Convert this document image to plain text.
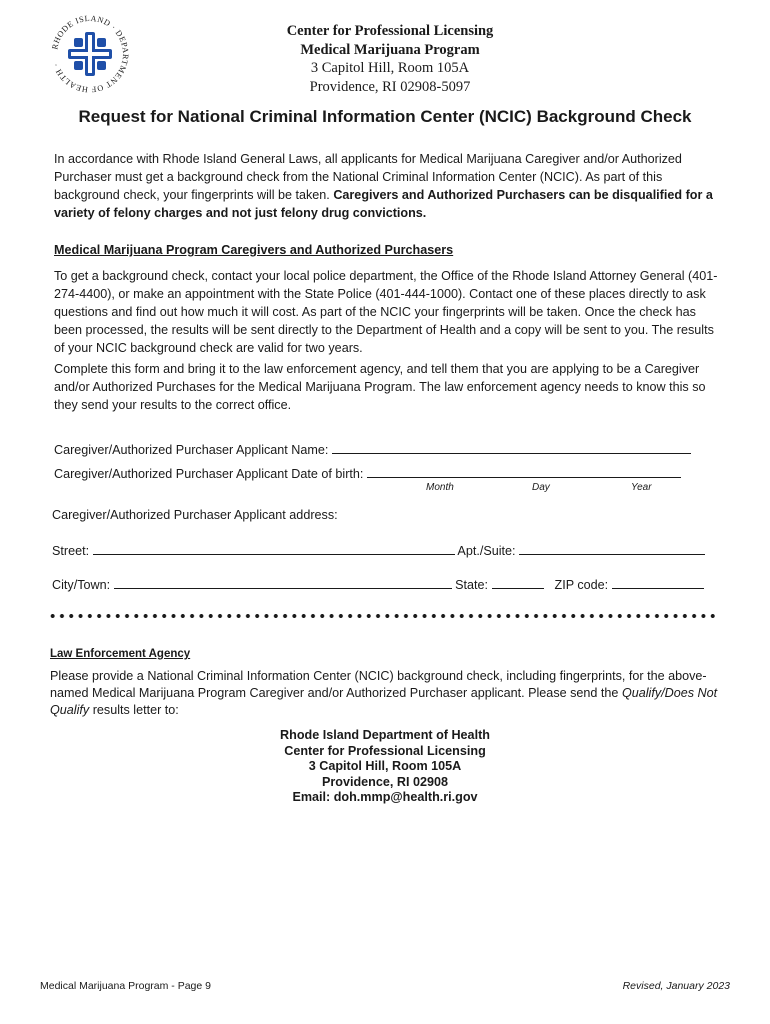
RHODE ISLAND · DEPARTMENT OF HEALTH ·
Center for Professional Licensing
Medical Marijuana Program
3 Capitol Hill, Room 105A
Providence, RI 02908-5097
Request for National Criminal Information Center (NCIC) Background Check
In accordance with Rhode Island General Laws, all applicants for Medical Marijuana Caregiver and/or Authorized Purchaser must get a background check from the National Criminal Information Center (NCIC). As part of this background check, your fingerprints will be taken. Caregivers and Authorized Purchasers can be disqualified for a variety of felony charges and not just felony drug convictions.
Medical Marijuana Program Caregivers and Authorized Purchasers
To get a background check, contact your local police department, the Office of the Rhode Island Attorney General (401-274-4400), or make an appointment with the State Police (401-444-1000). Contact one of these places directly to ask questions and find out how much it will cost. As part of the NCIC your fingerprints will be taken. Once the check has been processed, the results will be sent directly to the Department of Health and a copy will be sent to you. The results of your NCIC background check are valid for two years.
Complete this form and bring it to the law enforcement agency, and tell them that you are applying to be a Caregiver and/or Authorized Purchases for the Medical Marijuana Program. The law enforcement agency needs to know this so they send your results to the correct office.
Caregiver/Authorized Purchaser Applicant Name:
Caregiver/Authorized Purchaser Applicant Date of birth:
Month	Day	Year
Caregiver/Authorized Purchaser Applicant address:
Street:	Apt./Suite:
City/Town:	State:	ZIP code:
Law Enforcement Agency
Please provide a National Criminal Information Center (NCIC) background check, including fingerprints, for the above-named Medical Marijuana Program Caregiver and/or Authorized Purchaser applicant. Please send the Qualify/Does Not Qualify results letter to:
Rhode Island Department of Health
Center for Professional Licensing
3 Capitol Hill, Room 105A
Providence, RI 02908
Email: doh.mmp@health.ri.gov
Medical Marijuana Program - Page 9	Revised, January 2023
